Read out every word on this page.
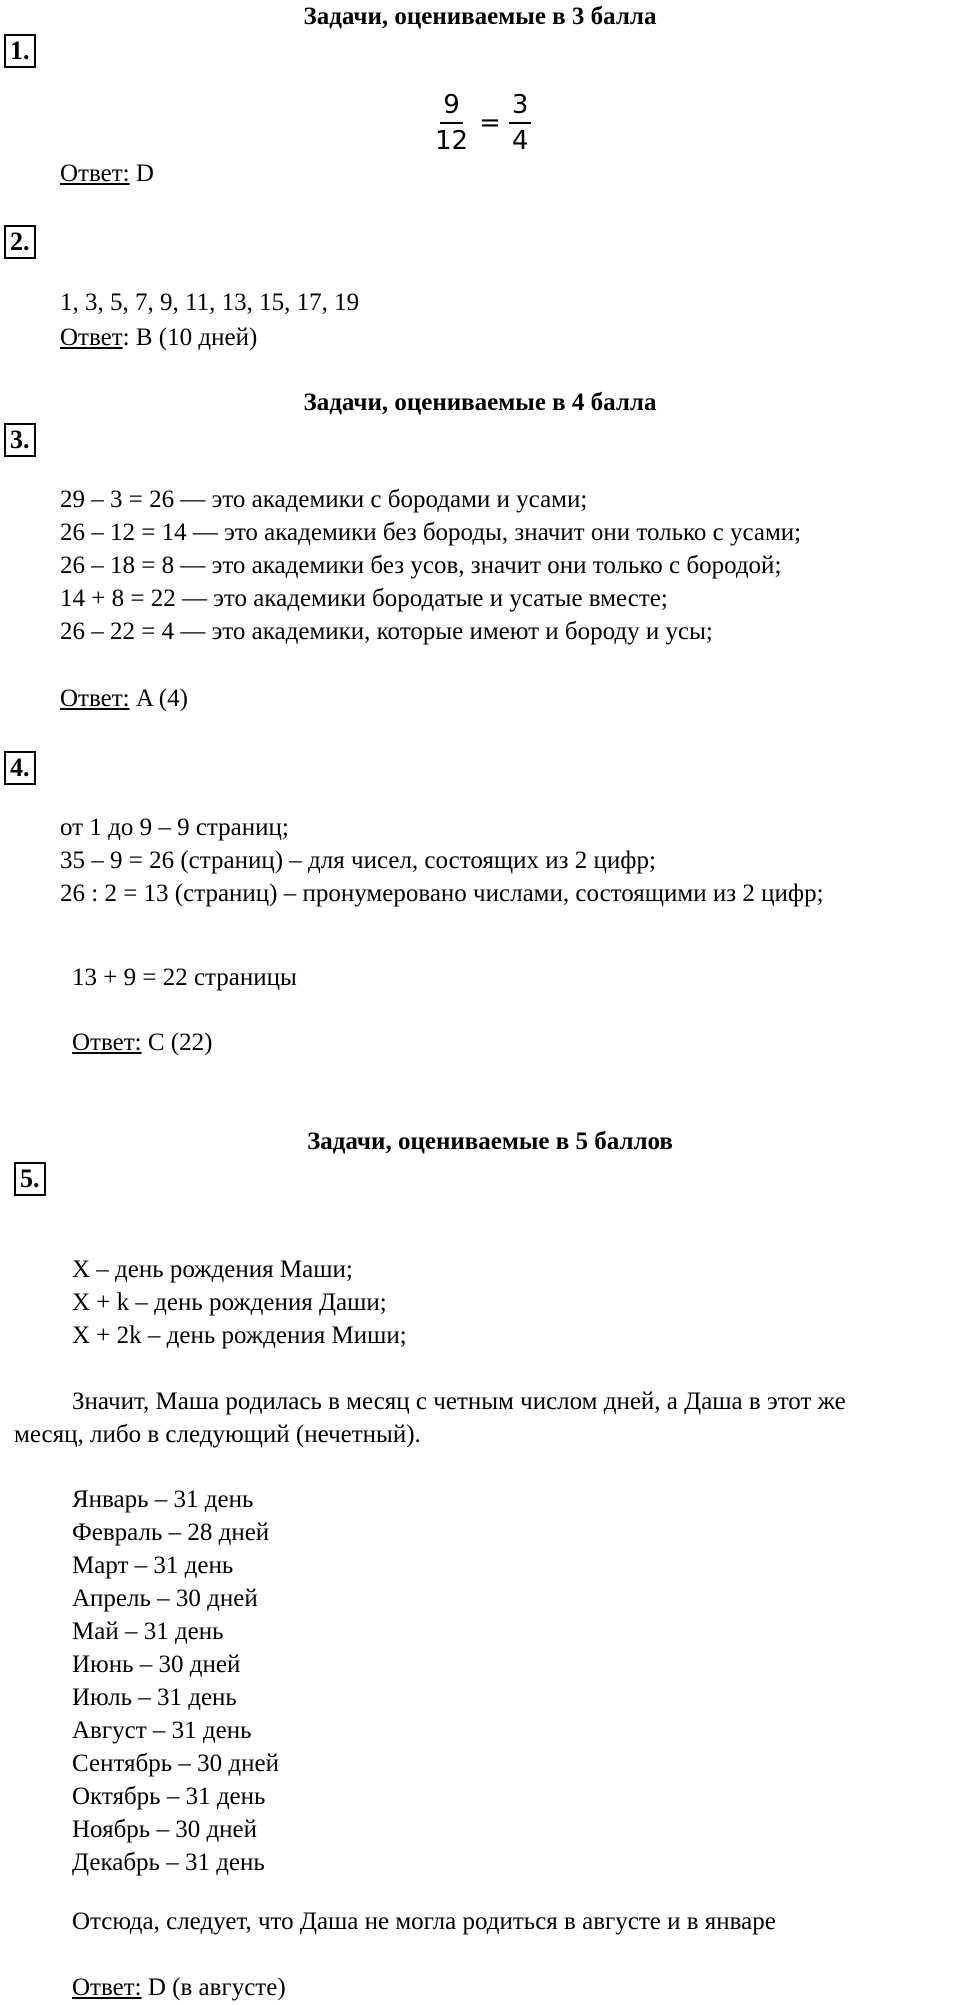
Задачи, оцениваемые в 3 балла
1.
$\frac{9}{12} = \frac{3}{4}$
Ответ: D
2.
1, 3, 5, 7, 9, 11, 13, 15, 17, 19
Ответ: B (10 дней)
Задачи, оцениваемые в 4 балла
3.
29 – 3 = 26 — это академики с бородами и усами;
26 – 12 = 14 — это академики без бороды, значит они только с усами;
26 – 18 = 8 — это академики без усов, значит они только с бородой;
14 + 8 = 22 — это академики бородатые и усатые вместе;
26 – 22 = 4 — это академики, которые имеют и бороду и усы;
Ответ: A (4)
4.
от 1 до 9 – 9 страниц;
35 – 9 = 26 (страниц) – для чисел, состоящих из 2 цифр;
26 : 2 = 13 (страниц) – пронумеровано числами, состоящими из 2 цифр;
13 + 9 = 22 страницы
Ответ: C (22)
Задачи, оцениваемые в 5 баллов
5.
X – день рождения Маши;
X + k – день рождения Даши;
X + 2k – день рождения Миши;
Значит, Маша родилась в месяц с четным числом дней, а Даша в этот же
месяц, либо в следующий (нечетный).
Январь – 31 день
Февраль – 28 дней
Март – 31 день
Апрель – 30 дней
Май – 31 день
Июнь – 30 дней
Июль – 31 день
Август – 31 день
Сентябрь – 30 дней
Октябрь – 31 день
Ноябрь – 30 дней
Декабрь – 31 день
Отсюда, следует, что Даша не могла родиться в августе и в январе
Ответ: D (в августе)
